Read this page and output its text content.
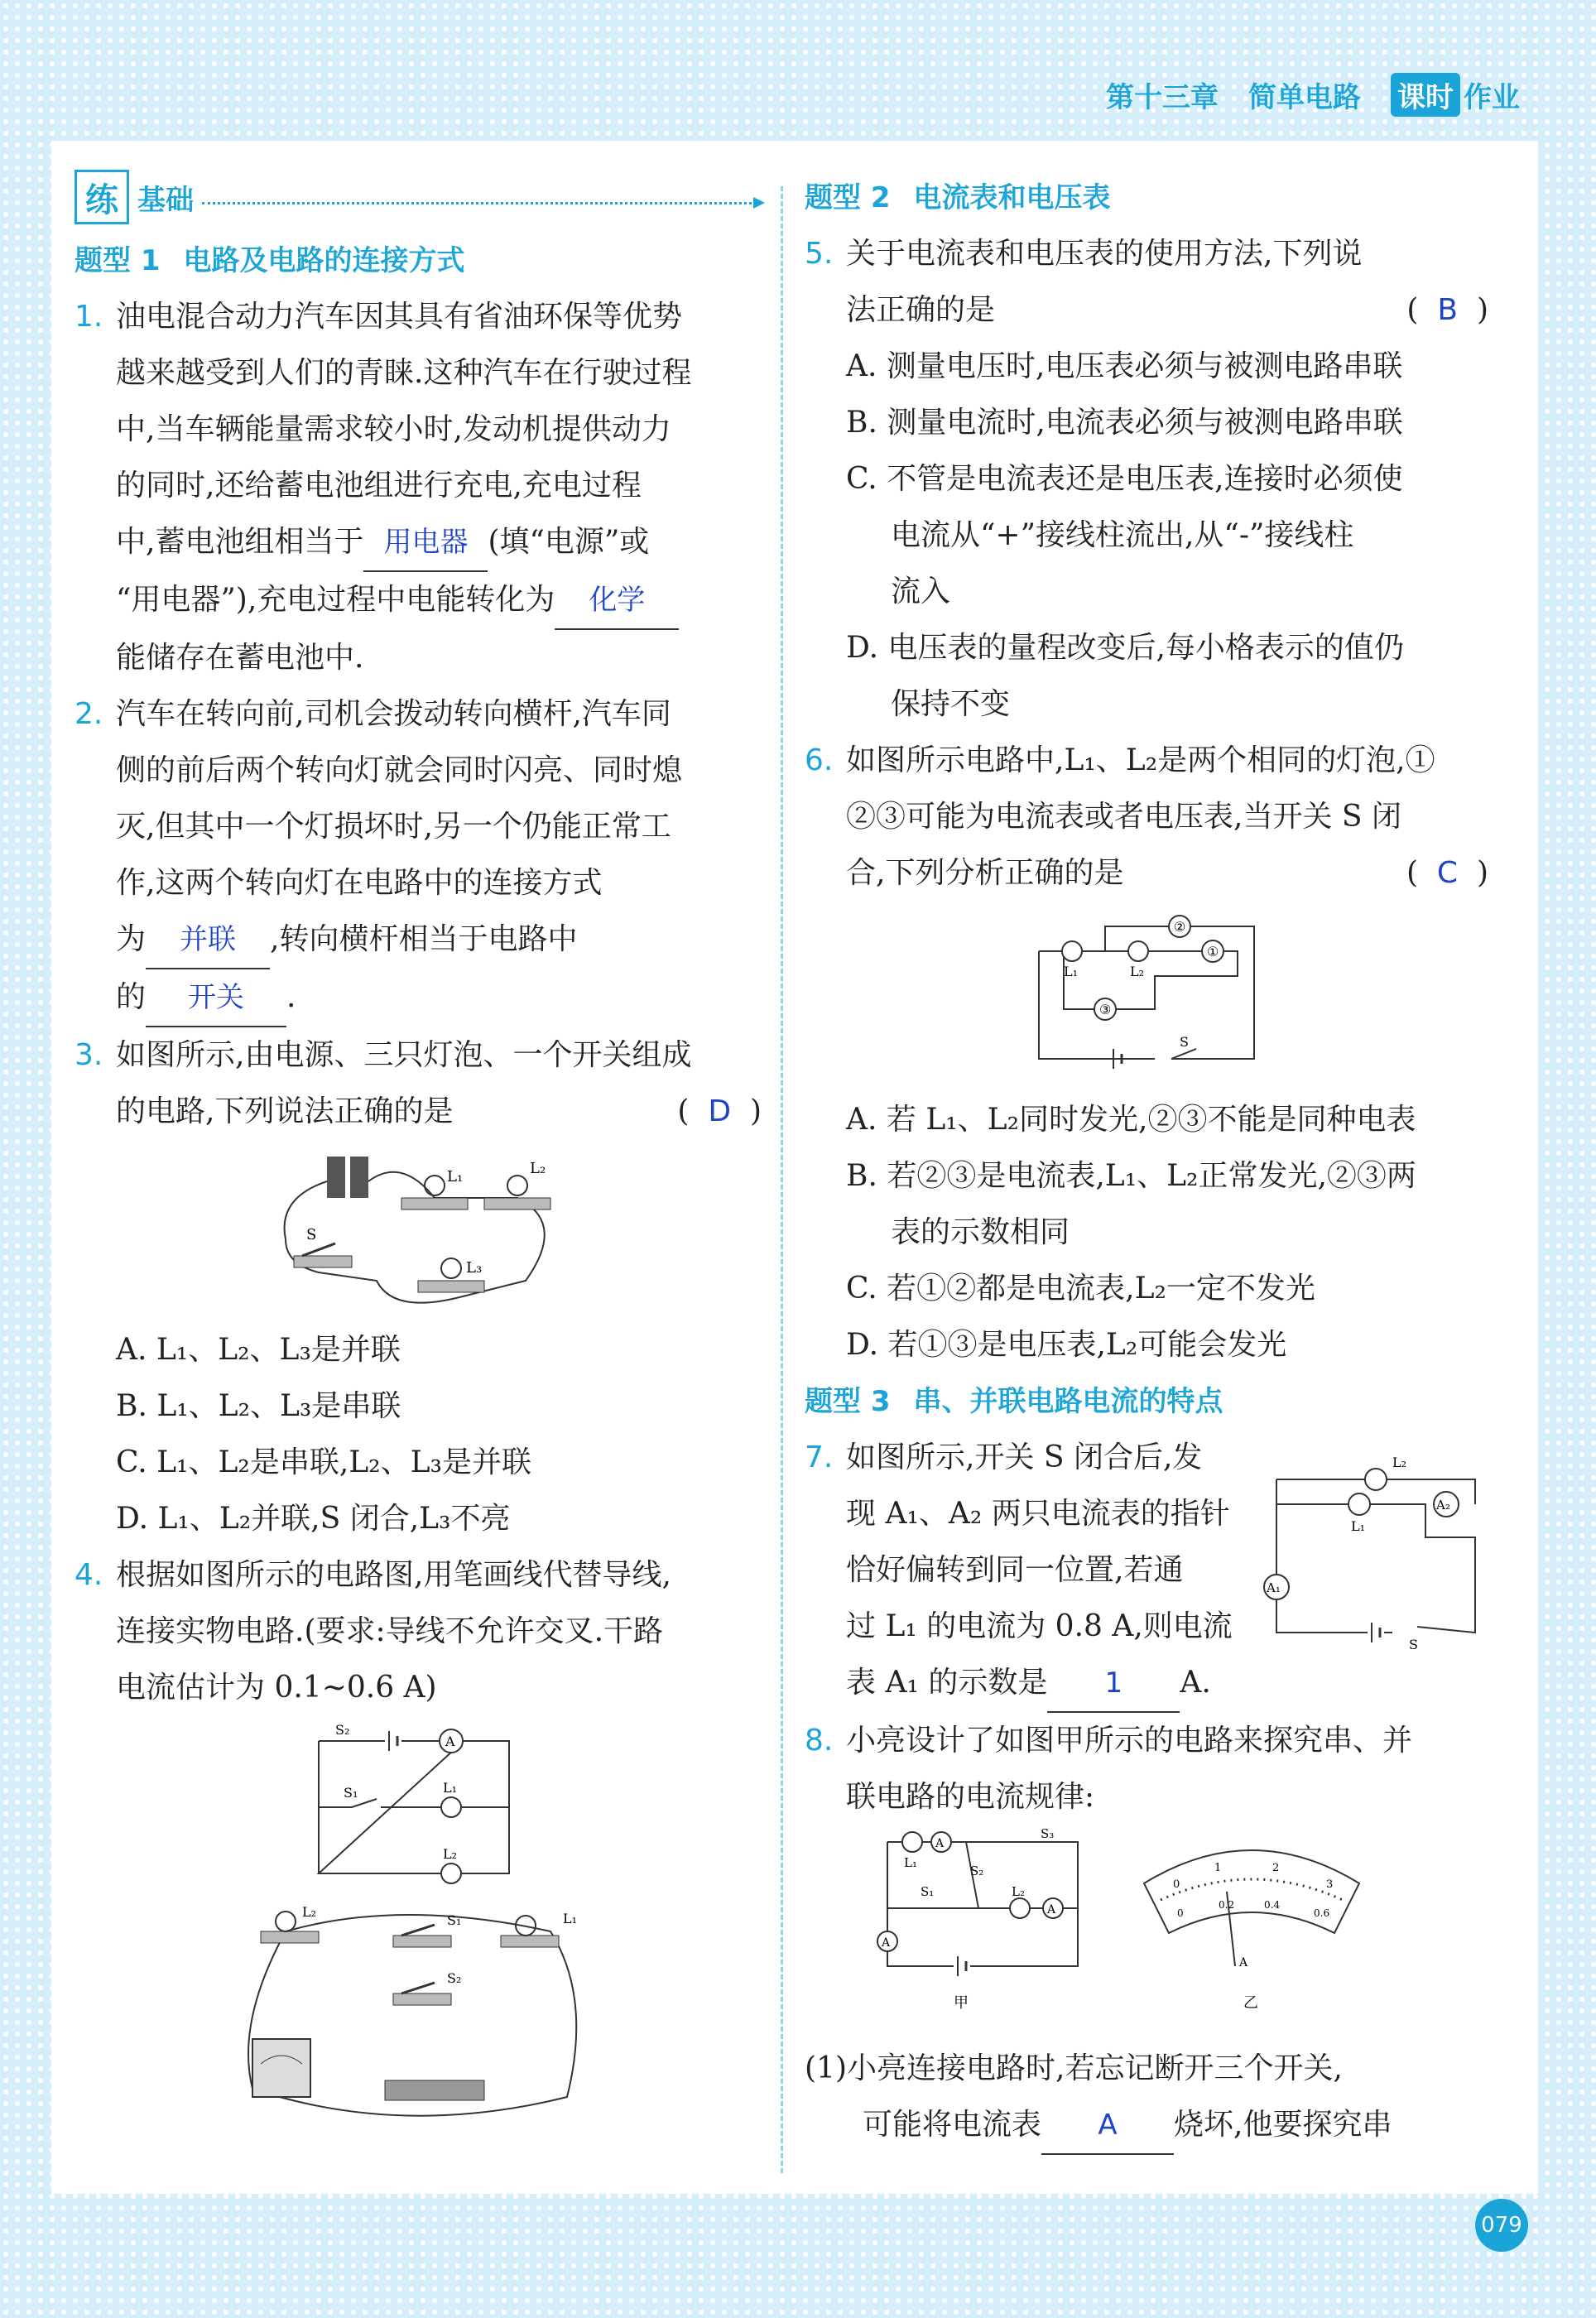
第十三章 简单电路 课时 作业
练 基础
题型 1 电路及电路的连接方式
1. 油电混合动力汽车因其具有省油环保等优势
越来越受到人们的青睐.这种汽车在行驶过程
中,当车辆能量需求较小时,发动机提供动力
的同时,还给蓄电池组进行充电,充电过程
中,蓄电池组相当于 用电器 (填“电源”或
“用电器”),充电过程中电能转化为 化学
能储存在蓄电池中.
2. 汽车在转向前,司机会拨动转向横杆,汽车同
侧的前后两个转向灯就会同时闪亮、同时熄
灭,但其中一个灯损坏时,另一个仍能正常工
作,这两个转向灯在电路中的连接方式
为 并联 ,转向横杆相当于电路中
的 开关 .
3. 如图所示,由电源、三只灯泡、一个开关组成
的电路,下列说法正确的是	(  D  )
L₁	L₂
L₃
S
A. L₁、L₂、L₃是并联
B. L₁、L₂、L₃是串联
C. L₁、L₂是串联,L₂、L₃是并联
D. L₁、L₂并联,S 闭合,L₃不亮
4. 根据如图所示的电路图,用笔画线代替导线,
连接实物电路.(要求:导线不允许交叉.干路
电流估计为 0.1~0.6 A)
A
S₂
S₁	L₁
L₂
L₂
S₁	L₁
S₂
题型 2 电流表和电压表
5. 关于电流表和电压表的使用方法,下列说
法正确的是	(  B  )
A. 测量电压时,电压表必须与被测电路串联
B. 测量电流时,电流表必须与被测电路串联
C. 不管是电流表还是电压表,连接时必须使
电流从“+”接线柱流出,从“-”接线柱
流入
D. 电压表的量程改变后,每小格表示的值仍
保持不变
6. 如图所示电路中,L₁、L₂是两个相同的灯泡,①
②③可能为电流表或者电压表,当开关 S 闭
合,下列分析正确的是	(  C  )
②
①
③
L₁	L₂
S
A. 若 L₁、L₂同时发光,②③不能是同种电表
B. 若②③是电流表,L₁、L₂正常发光,②③两
表的示数相同
C. 若①②都是电流表,L₂一定不发光
D. 若①③是电压表,L₂可能会发光
题型 3 串、并联电路电流的特点
7. 如图所示,开关 S 闭合后,发
现 A₁、A₂ 两只电流表的指针
恰好偏转到同一位置,若通
过 L₁ 的电流为 0.8 A,则电流
表 A₁ 的示数是 1 A.
A₂
A₁
L₂
L₁
S
8. 小亮设计了如图甲所示的电路来探究串、并
联电路的电流规律:
A
A
A
L₁
L₂
S₁
S₂
S₃
甲
0
1	2
3
0
0.2	0.4
0.6
A
乙
(1)小亮连接电路时,若忘记断开三个开关,
可能将电流表 A 烧坏,他要探究串
079
